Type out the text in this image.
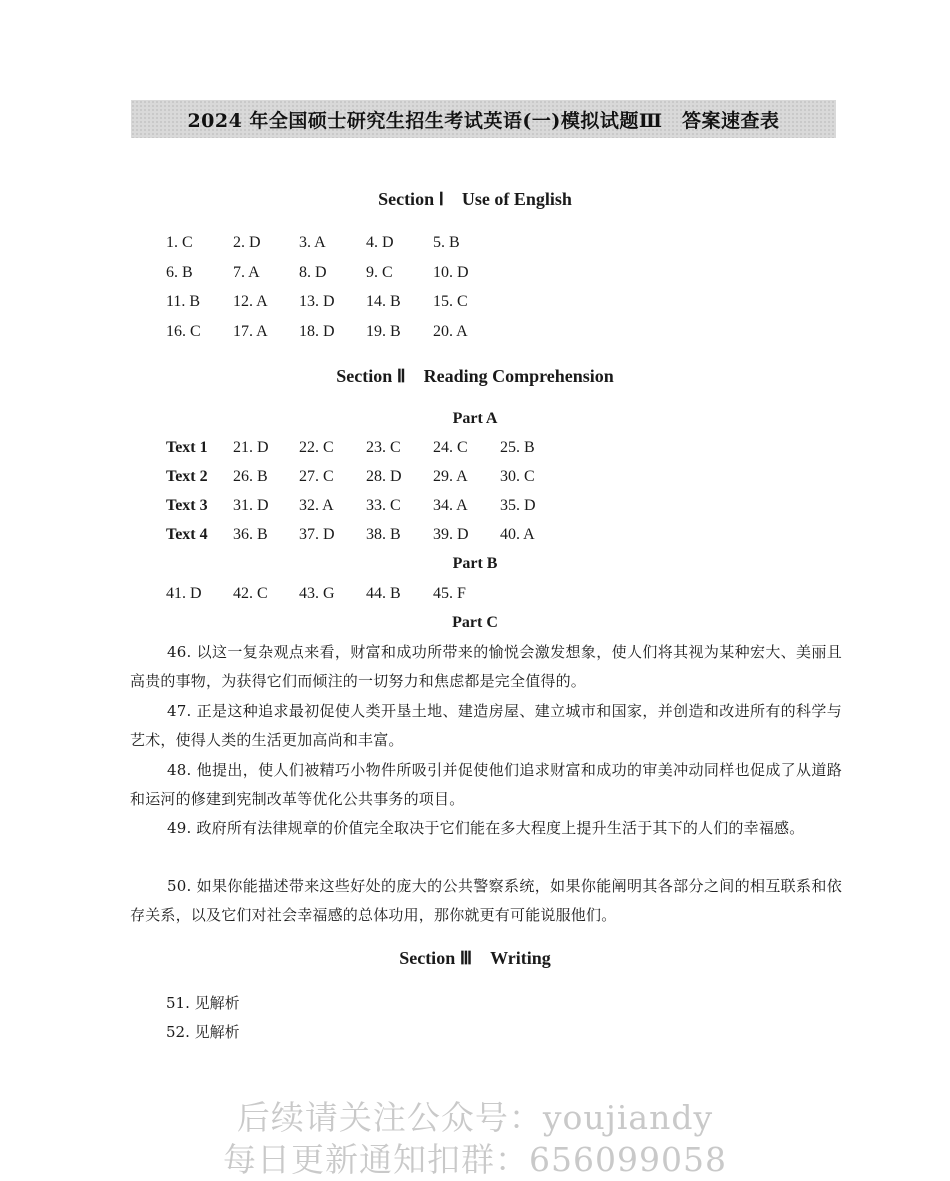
2024 年全国硕士研究生招生考试英语(一)模拟试题Ⅲ　答案速查表
Section Ⅰ Use of English
1. C	2. D 3. A	4. D 5. B
6. B	7. A 8. D 9. C	10. D
11. B 12. A 13. D 14. B 15. C
16. C 17. A 18. D 19. B 20. A
Section Ⅱ Reading Comprehension
Part A
Text 1 21. D 22. C 23. C 24. C 25. B
Text 2 26. B 27. C 28. D 29. A 30. C
Text 3 31. D 32. A 33. C 34. A 35. D
Text 4 36. B 37. D 38. B 39. D 40. A
Part B
41. D 42. C 43. G 44. B 45. F
Part C
46. 以这一复杂观点来看，财富和成功所带来的愉悦会激发想象，使人们将其视为某种宏大、美丽且高贵的事物，为获得它们而倾注的一切努力和焦虑都是完全值得的。
47. 正是这种追求最初促使人类开垦土地、建造房屋、建立城市和国家，并创造和改进所有的科学与艺术，使得人类的生活更加高尚和丰富。
48. 他提出，使人们被精巧小物件所吸引并促使他们追求财富和成功的审美冲动同样也促成了从道路和运河的修建到宪制改革等优化公共事务的项目。
49. 政府所有法律规章的价值完全取决于它们能在多大程度上提升生活于其下的人们的幸福感。
50. 如果你能描述带来这些好处的庞大的公共警察系统，如果你能阐明其各部分之间的相互联系和依存关系，以及它们对社会幸福感的总体功用，那你就更有可能说服他们。
Section Ⅲ Writing
51. 见解析
52. 见解析
后续请关注公众号：youjiandy
每日更新通知扣群：656099058
